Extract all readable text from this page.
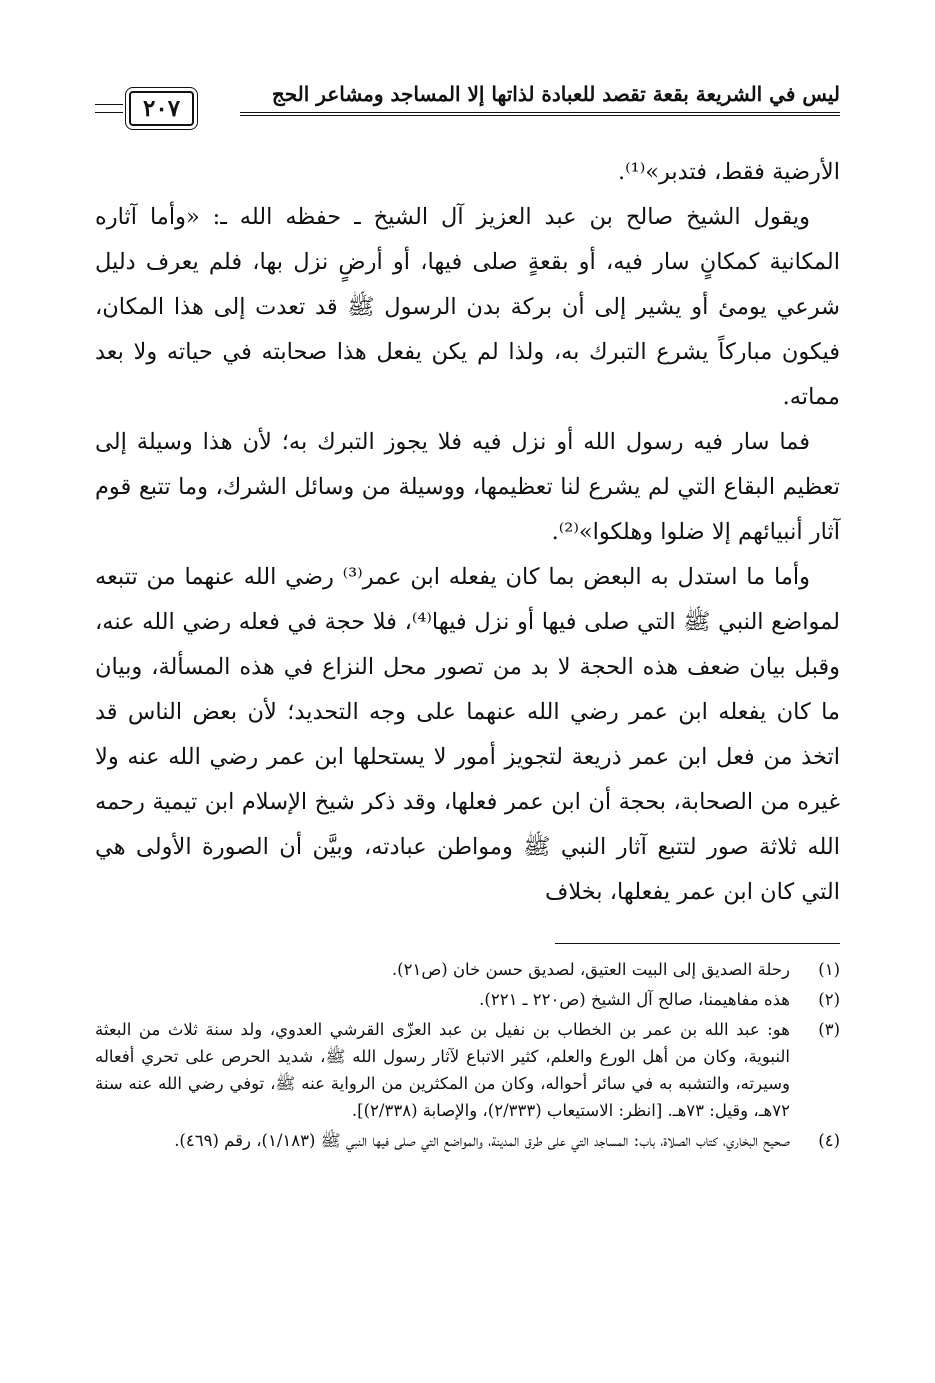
ليس في الشريعة بقعة تقصد للعبادة لذاتها إلا المساجد ومشاعر الحج
٢٠٧

الأرضية فقط، فتدبر»⁽¹⁾.

ويقول الشيخ صالح بن عبد العزيز آل الشيخ ـ حفظه الله ـ: «وأما آثاره المكانية كمكانٍ سار فيه، أو بقعةٍ صلى فيها، أو أرضٍ نزل بها، فلم يعرف دليل شرعي يومئ أو يشير إلى أن بركة بدن الرسول ﷺ قد تعدت إلى هذا المكان، فيكون مباركاً يشرع التبرك به، ولذا لم يكن يفعل هذا صحابته في حياته ولا بعد مماته.

فما سار فيه رسول الله أو نزل فيه فلا يجوز التبرك به؛ لأن هذا وسيلة إلى تعظيم البقاع التي لم يشرع لنا تعظيمها، ووسيلة من وسائل الشرك، وما تتبع قوم آثار أنبيائهم إلا ضلوا وهلكوا»⁽²⁾.

وأما ما استدل به البعض بما كان يفعله ابن عمر⁽³⁾ رضي الله عنهما من تتبعه لمواضع النبي ﷺ التي صلى فيها أو نزل فيها⁽⁴⁾، فلا حجة في فعله رضي الله عنه، وقبل بيان ضعف هذه الحجة لا بد من تصور محل النزاع في هذه المسألة، وبيان ما كان يفعله ابن عمر رضي الله عنهما على وجه التحديد؛ لأن بعض الناس قد اتخذ من فعل ابن عمر ذريعة لتجويز أمور لا يستحلها ابن عمر رضي الله عنه ولا غيره من الصحابة، بحجة أن ابن عمر فعلها، وقد ذكر شيخ الإسلام ابن تيمية رحمه الله ثلاثة صور لتتبع آثار النبي ﷺ ومواطن عبادته، وبيَّن أن الصورة الأولى هي التي كان ابن عمر يفعلها، بخلاف

(١)
رحلة الصديق إلى البيت العتيق، لصديق حسن خان (ص٢١).
(٢)
هذه مفاهيمنا، صالح آل الشيخ (ص٢٢٠ ـ ٢٢١).
(٣)
هو: عبد الله بن عمر بن الخطاب بن نفيل بن عبد العزّى القرشي العدوي، ولد سنة ثلاث من البعثة النبوية، وكان من أهل الورع والعلم، كثير الاتباع لآثار رسول الله ﷺ، شديد الحرص على تحري أفعاله وسيرته، والتشبه به في سائر أحواله، وكان من المكثرين من الرواية عنه ﷺ، توفي رضي الله عنه سنة ٧٢هـ، وقيل: ٧٣هـ. [انظر: الاستيعاب (٢/٣٣٣)، والإصابة (٢/٣٣٨)].
(٤)
صحيح البخاري، كتاب الصلاة، باب: المساجد التي على طرق المدينة، والمواضع التي صلى فيها النبي ﷺ (١/١٨٣)، رقم (٤٦٩).
